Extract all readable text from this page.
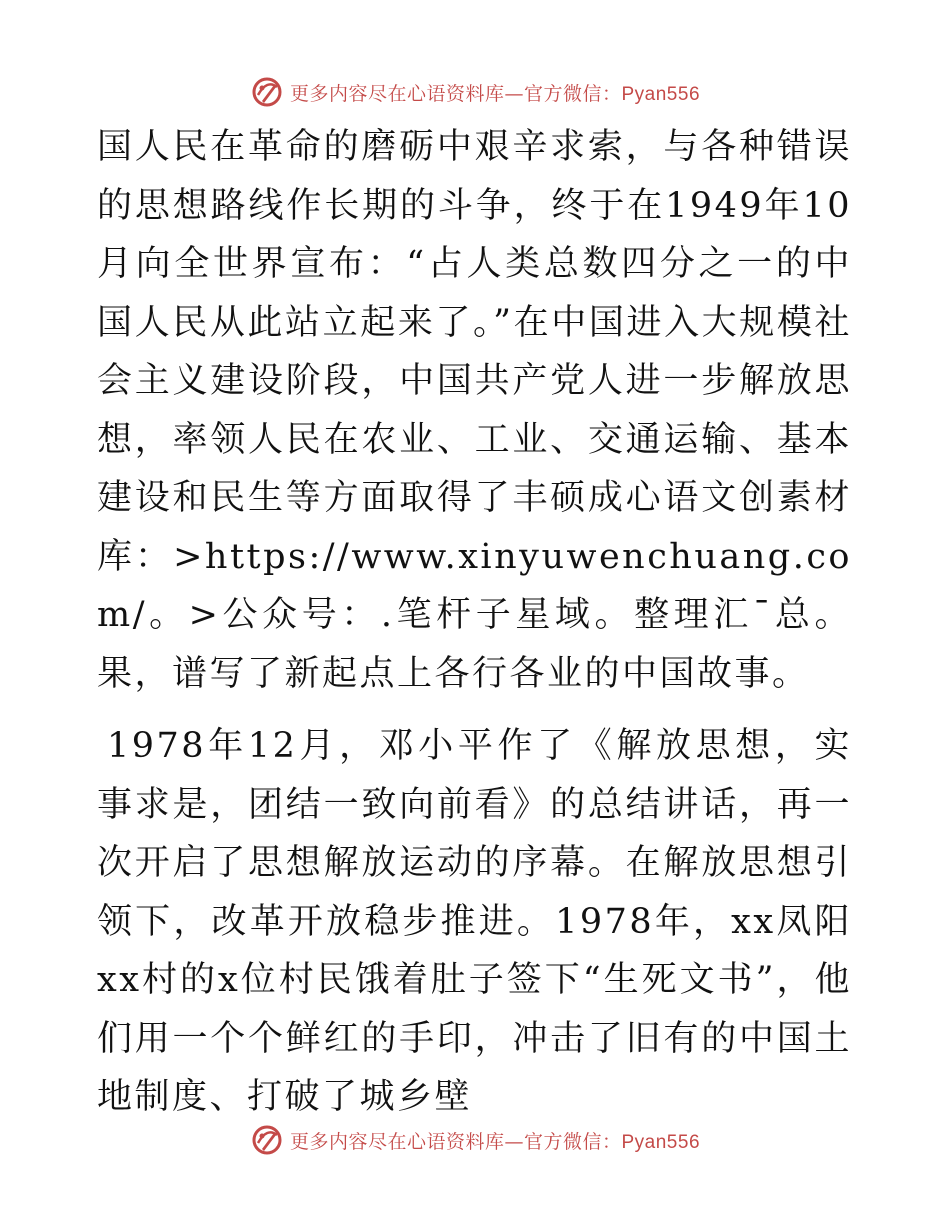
更多内容尽在心语资料库—官方微信：Pyan556

国人民在革命的磨砺中艰辛求索，与各种错误的思想路线作长期的斗争，终于在1949年10月向全世界宣布：“占人类总数四分之一的中国人民从此站立起来了。”在中国进入大规模社会主义建设阶段，中国共产党人进一步解放思想，率领人民在农业、工业、交通运输、基本建设和民生等方面取得了丰硕成心语文创素材库：>https://www.xinyuwenchuang.com/。>公众号：.笔杆子星域。整理汇¯总。果，谱写了新起点上各行各业的中国故事。

1978年12月，邓小平作了《解放思想，实事求是，团结一致向前看》的总结讲话，再一次开启了思想解放运动的序幕。在解放思想引领下，改革开放稳步推进。1978年，xx凤阳xx村的x位村民饿着肚子签下“生死文书”，他们用一个个鲜红的手印，冲击了旧有的中国土地制度、打破了城乡壁

更多内容尽在心语资料库—官方微信：Pyan556
